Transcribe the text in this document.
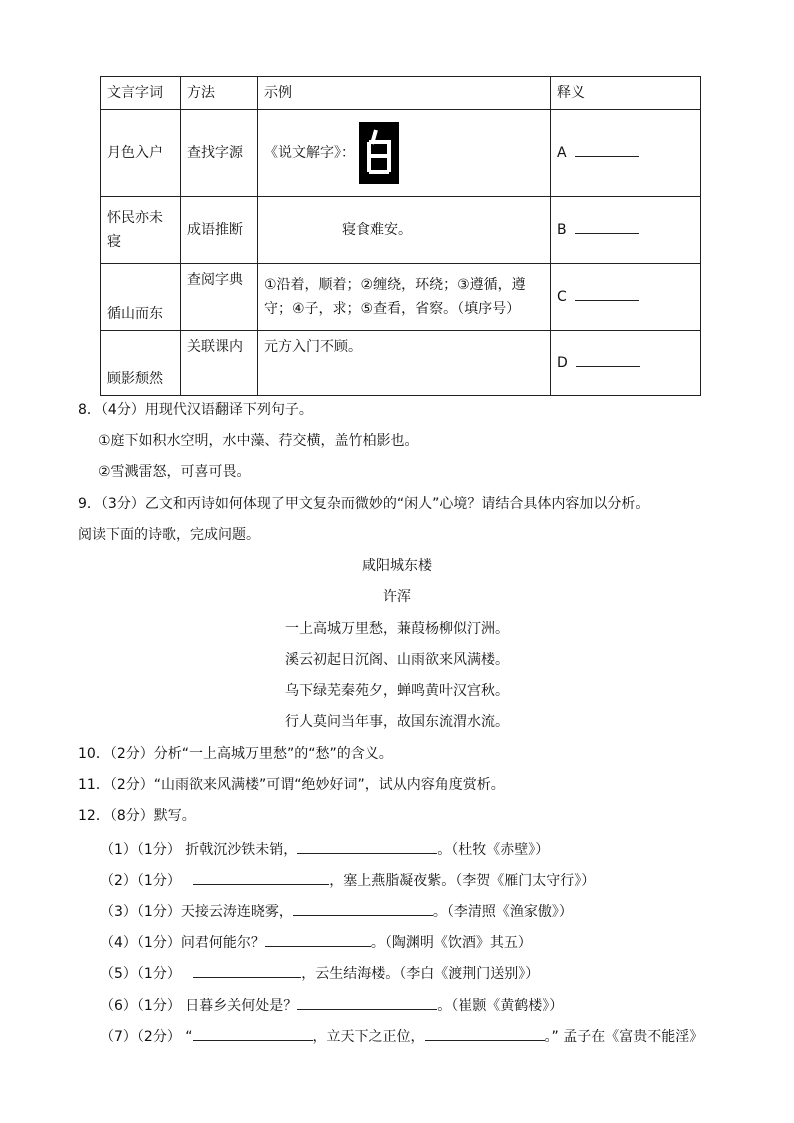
文言字词	方法	示例	释义
月色入户	查找字源	《说文解字》：	A
怀民亦未寝	成语推断	寝食难安。	B
循山而东	查阅字典	①沿着，顺着；②缠绕，环绕；③遵循，遵守；④子，求；⑤查看，省察。（填序号）	C
顾影颓然	关联课内	元方入门不顾。	D
8．（4分）用现代汉语翻译下列句子。
①庭下如积水空明，水中藻、荇交横，盖竹柏影也。
②雪溅雷怒，可喜可畏。
9．（3分）乙文和丙诗如何体现了甲文复杂而微妙的“闲人”心境？请结合具体内容加以分析。
阅读下面的诗歌，完成问题。
咸阳城东楼
许浑
一上高城万里愁，蒹葭杨柳似汀洲。
溪云初起日沉阁、山雨欲来风满楼。
乌下绿芜秦苑夕，蝉鸣黄叶汉宫秋。
行人莫问当年事，故国东流渭水流。
10．（2分）分析“一上高城万里愁”的“愁”的含义。
11．（2分）“山雨欲来风满楼”可谓“绝妙好词”，试从内容角度赏析。
12．（8分）默写。
（1）（1分） 折戟沉沙铁未销，	。（杜牧《赤壁》）
（2）（1分）	，塞上燕脂凝夜紫。（李贺《雁门太守行》）
（3）（1分）天接云涛连晓雾，	。（李清照《渔家傲》）
（4）（1分）问君何能尔？	。（陶渊明《饮酒》其五）
（5）（1分）	，云生结海楼。（李白《渡荆门送别》）
（6）（1分） 日暮乡关何处是？	。（崔颢《黄鹤楼》）
（7）（2分） “	，立天下之正位，	。” 孟子在《富贵不能淫》
